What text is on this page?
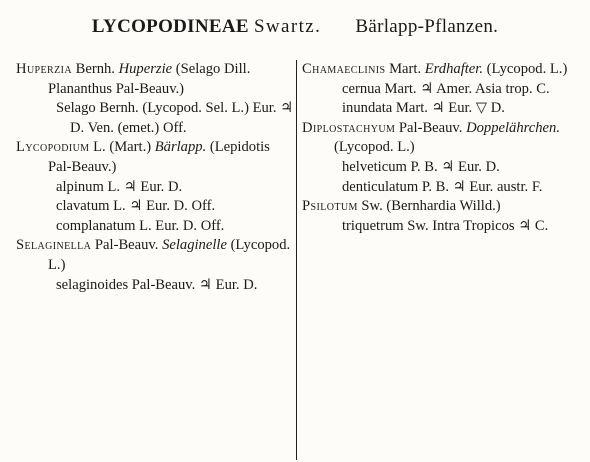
LYCOPODINEAE Swartz. Bärlapp-Pflanzen.

Huperzia Bernh. Huperzie (Selago Dill. Plananthus Pal-Beauv.)

Selago Bernh. (Lycopod. Sel. L.) Eur. ♃ D. Ven. (emet.) Off.

Lycopodium L. (Mart.) Bärlapp. (Lepidotis Pal-Beauv.)

alpinum L. ♃ Eur. D.

clavatum L. ♃ Eur. D. Off.

complanatum L. Eur. D. Off.

Selaginella Pal-Beauv. Selaginelle (Lycopod. L.)

selaginoides Pal-Beauv. ♃ Eur. D.

Chamaeclinis Mart. Erdhafter. (Lycopod. L.)

cernua Mart. ♃ Amer. Asia trop. C.

inundata Mart. ♃ Eur. ▽ D.

Diplostachyum Pal-Beauv. Doppelährchen. (Lycopod. L.)

helveticum P. B. ♃ Eur. D.

denticulatum P. B. ♃ Eur. austr. F.

Psilotum Sw. (Bernhardia Willd.)

triquetrum Sw. Intra Tropicos ♃ C.
